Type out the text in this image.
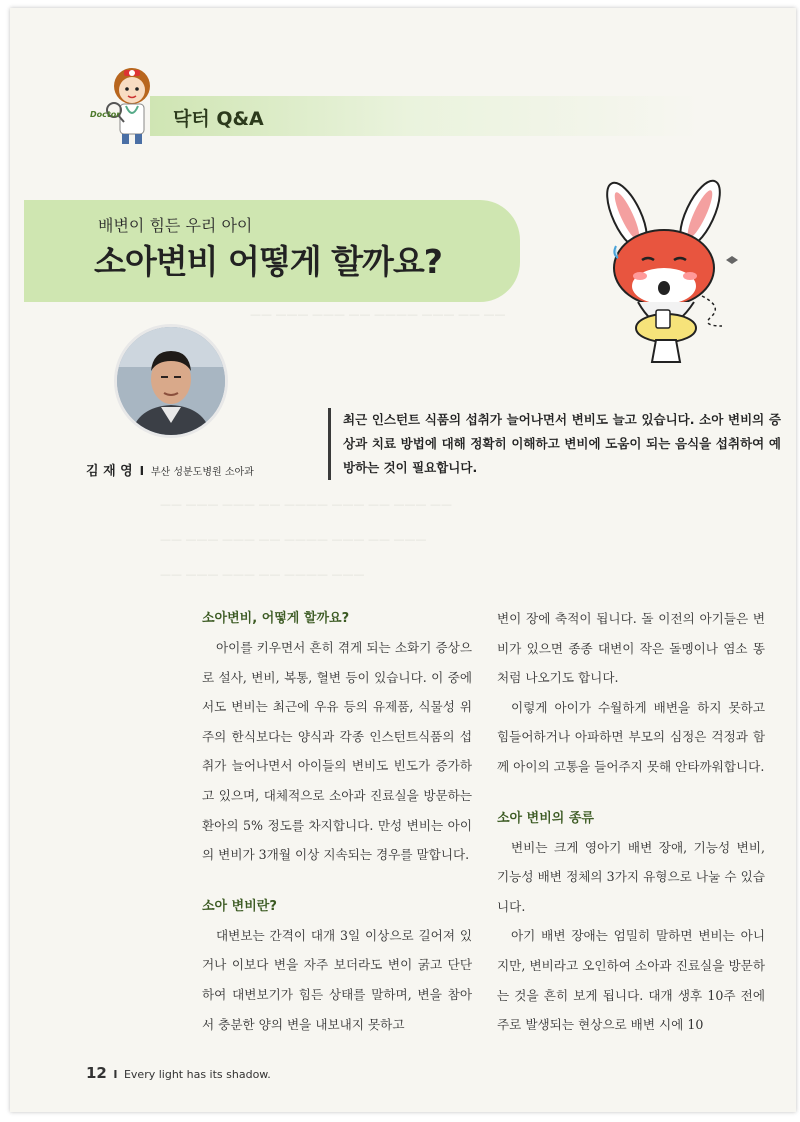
—— ——— ——— —— ———— ——— —— ——
—— ——— ——— —— ———— ——— —— ——— ——
—— ——— ——— —— ———— ——— —— ———
—— ——— ——— —— ———— ———
Doctor	닥터 Q&A
배변이 힘든 우리 아이
소아변비 어떻게 할까요?
김 재 영 I 부산 성분도병원 소아과
최근 인스턴트 식품의 섭취가 늘어나면서 변비도 늘고 있습니다. 소아 변비의 증상과 치료 방법에 대해 정확히 이해하고 변비에 도움이 되는 음식을 섭취하여 예방하는 것이 필요합니다.
소아변비, 어떻게 할까요?

아이를 키우면서 흔히 겪게 되는 소화기 증상으로 설사, 변비, 복통, 혈변 등이 있습니다. 이 중에서도 변비는 최근에 우유 등의 유제품, 식물성 위주의 한식보다는 양식과 각종 인스턴트식품의 섭취가 늘어나면서 아이들의 변비도 빈도가 증가하고 있으며, 대체적으로 소아과 진료실을 방문하는 환아의 5% 정도를 차지합니다. 만성 변비는 아이의 변비가 3개월 이상 지속되는 경우를 말합니다.

소아 변비란?

대변보는 간격이 대개 3일 이상으로 길어져 있거나 이보다 변을 자주 보더라도 변이 굵고 단단하여 대변보기가 힘든 상태를 말하며, 변을 참아서 충분한 양의 변을 내보내지 못하고

변이 장에 축적이 됩니다. 돌 이전의 아기들은 변비가 있으면 종종 대변이 작은 돌멩이나 염소 똥처럼 나오기도 합니다.

이렇게 아이가 수월하게 배변을 하지 못하고 힘들어하거나 아파하면 부모의 심정은 걱정과 함께 아이의 고통을 들어주지 못해 안타까워합니다.

소아 변비의 종류

변비는 크게 영아기 배변 장애, 기능성 변비, 기능성 배변 정체의 3가지 유형으로 나눌 수 있습니다.

아기 배변 장애는 엄밀히 말하면 변비는 아니지만, 변비라고 오인하여 소아과 진료실을 방문하는 것을 흔히 보게 됩니다. 대개 생후 10주 전에 주로 발생되는 현상으로 배변 시에 10

12 I Every light has its shadow.
